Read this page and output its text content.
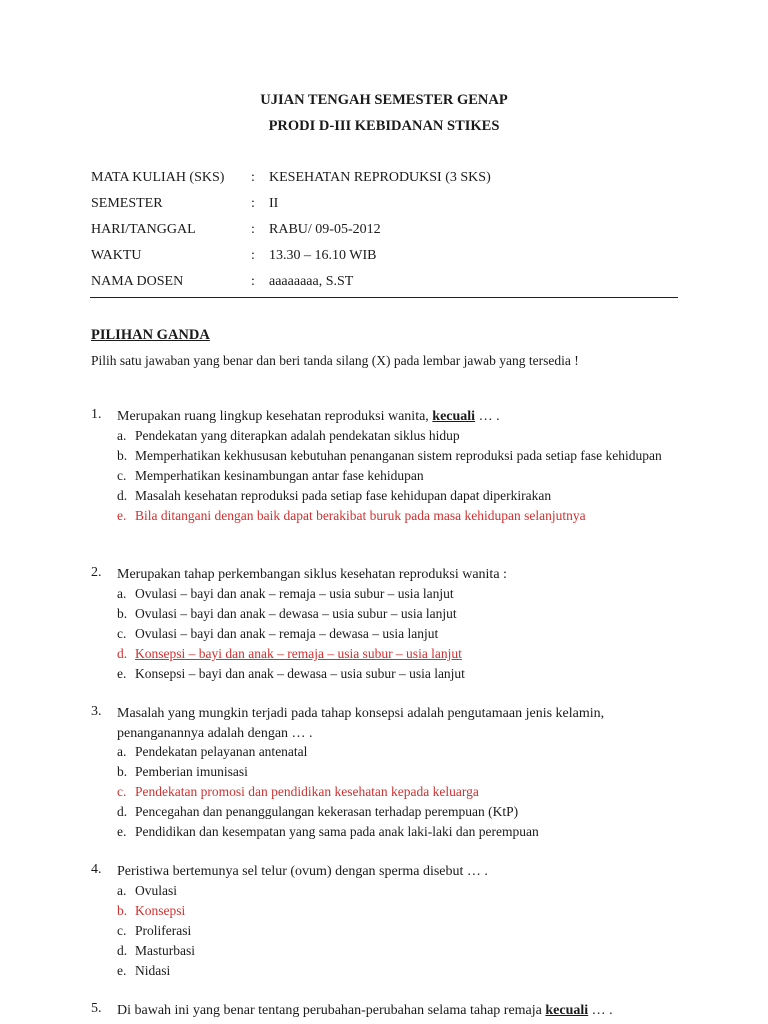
UJIAN TENGAH SEMESTER GENAP
PRODI D-III KEBIDANAN STIKES
MATA KULIAH (SKS) : KESEHATAN REPRODUKSI (3 SKS)
SEMESTER	: II
HARI/TANGGAL	: RABU/ 09-05-2012
WAKTU	: 13.30 – 16.10 WIB
NAMA DOSEN	: aaaaaaaa, S.ST
PILIHAN GANDA
Pilih satu jawaban yang benar dan beri tanda silang (X) pada lembar jawab yang tersedia !
1. Merupakan ruang lingkup kesehatan reproduksi wanita, kecuali … .
a. Pendekatan yang diterapkan adalah pendekatan siklus hidup
b. Memperhatikan kekhususan kebutuhan penanganan sistem reproduksi pada setiap fase kehidupan
c. Memperhatikan kesinambungan antar fase kehidupan
d. Masalah kesehatan reproduksi pada setiap fase kehidupan dapat diperkirakan
e. Bila ditangani dengan baik dapat berakibat buruk pada masa kehidupan selanjutnya
2. Merupakan tahap perkembangan siklus kesehatan reproduksi wanita :
a. Ovulasi – bayi dan anak – remaja – usia subur – usia lanjut
b. Ovulasi – bayi dan anak – dewasa – usia subur – usia lanjut
c. Ovulasi – bayi dan anak – remaja – dewasa – usia lanjut
d. Konsepsi – bayi dan anak – remaja – usia subur – usia lanjut
e. Konsepsi – bayi dan anak – dewasa – usia subur – usia lanjut
3. Masalah yang mungkin terjadi pada tahap konsepsi adalah pengutamaan jenis kelamin, penanganannya adalah dengan … .
a. Pendekatan pelayanan antenatal
b. Pemberian imunisasi
c. Pendekatan promosi dan pendidikan kesehatan kepada keluarga
d. Pencegahan dan penanggulangan kekerasan terhadap perempuan (KtP)
e. Pendidikan dan kesempatan yang sama pada anak laki-laki dan perempuan
4. Peristiwa bertemunya sel telur (ovum) dengan sperma disebut … .
a. Ovulasi
b. Konsepsi
c. Proliferasi
d. Masturbasi
e. Nidasi
5. Di bawah ini yang benar tentang perubahan-perubahan selama tahap remaja kecuali … .
